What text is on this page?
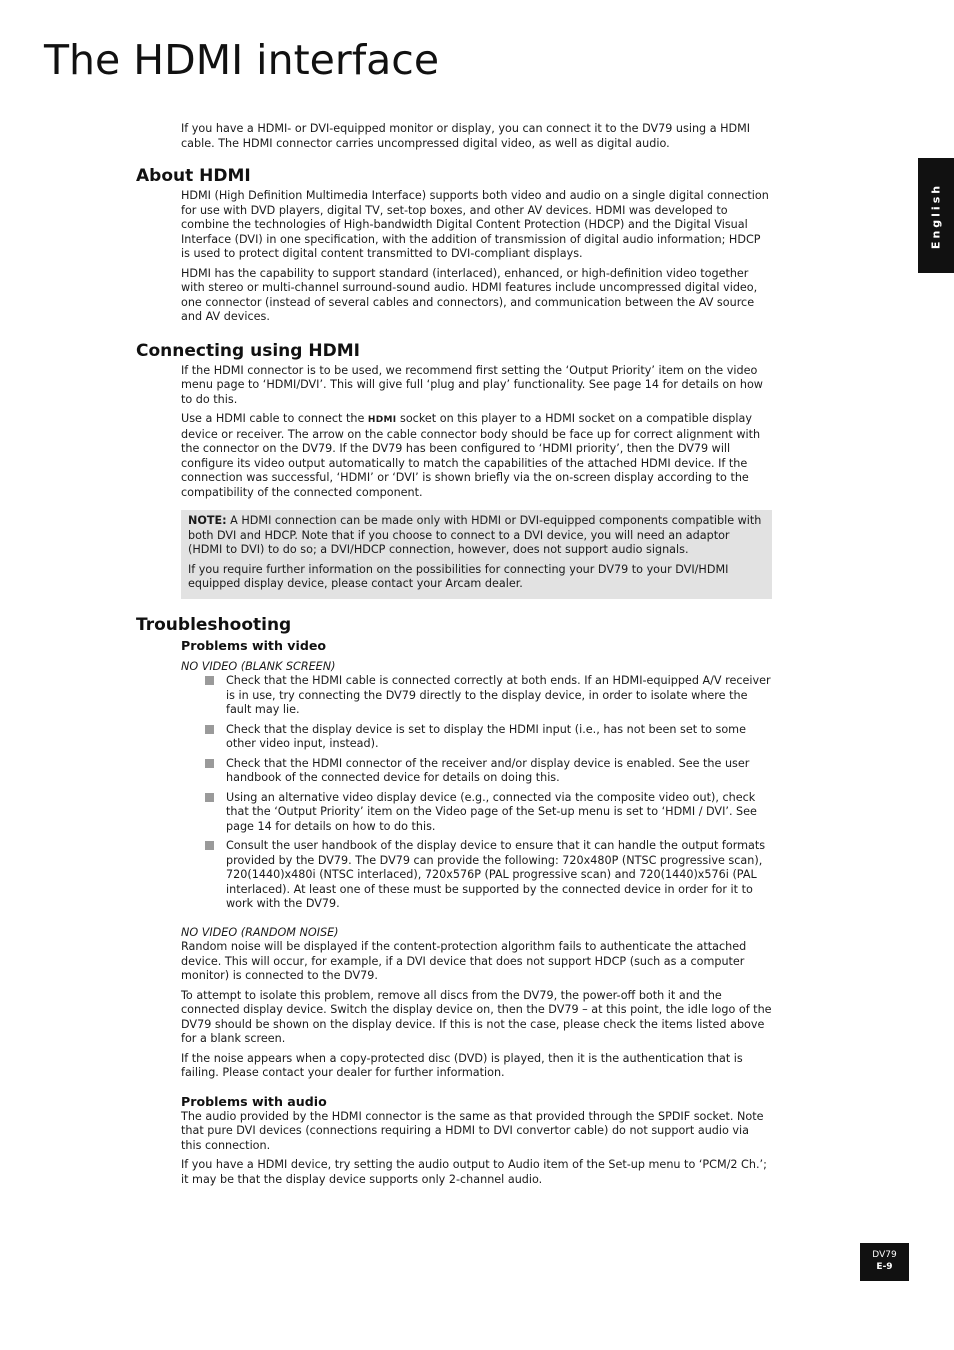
The HDMI interface
English

If you have a HDMI- or DVI-equipped monitor or display, you can connect it to the DV79 using a HDMI cable. The HDMI connector carries uncompressed digital video, as well as digital audio.

About HDMI

HDMI (High Definition Multimedia Interface) supports both video and audio on a single digital connection for use with DVD players, digital TV, set-top boxes, and other AV devices. HDMI was developed to combine the technologies of High-bandwidth Digital Content Protection (HDCP) and the Digital Visual Interface (DVI) in one specification, with the addition of transmission of digital audio information; HDCP is used to protect digital content transmitted to DVI-compliant displays.

HDMI has the capability to support standard (interlaced), enhanced, or high-definition video together with stereo or multi-channel surround-sound audio. HDMI features include uncompressed digital video, one connector (instead of several cables and connectors), and communication between the AV source and AV devices.

Connecting using HDMI

If the HDMI connector is to be used, we recommend first setting the ‘Output Priority’ item on the video menu page to ‘HDMI/DVI’. This will give full ‘plug and play’ functionality. See page 14 for details on how to do this.

Use a HDMI cable to connect the HDMI socket on this player to a HDMI socket on a compatible display device or receiver. The arrow on the cable connector body should be face up for correct alignment with the connector on the DV79. If the DV79 has been configured to ‘HDMI priority’, then the DV79 will configure its video output automatically to match the capabilities of the attached HDMI device. If the connection was successful, ‘HDMI’ or ‘DVI’ is shown briefly via the on-screen display according to the compatibility of the connected component.

NOTE: A HDMI connection can be made only with HDMI or DVI-equipped components compatible with both DVI and HDCP. Note that if you choose to connect to a DVI device, you will need an adaptor (HDMI to DVI) to do so; a DVI/HDCP connection, however, does not support audio signals.

If you require further information on the possibilities for connecting your DV79 to your DVI/HDMI equipped display device, please contact your Arcam dealer.

Troubleshooting
Problems with video

NO VIDEO (BLANK SCREEN)

Check that the HDMI cable is connected correctly at both ends. If an HDMI-equipped A/V receiver is in use, try connecting the DV79 directly to the display device, in order to isolate where the fault may lie.
Check that the display device is set to display the HDMI input (i.e., has not been set to some other video input, instead).
Check that the HDMI connector of the receiver and/or display device is enabled. See the user handbook of the connected device for details on doing this.
Using an alternative video display device (e.g., connected via the composite video out), check that the ‘Output Priority’ item on the Video page of the Set-up menu is set to ‘HDMI / DVI’. See page 14 for details on how to do this.
Consult the user handbook of the display device to ensure that it can handle the output formats provided by the DV79. The DV79 can provide the following: 720x480P (NTSC progressive scan), 720(1440)x480i (NTSC interlaced), 720x576P (PAL progressive scan) and 720(1440)x576i (PAL interlaced). At least one of these must be supported by the connected device in order for it to work with the DV79.

NO VIDEO (RANDOM NOISE)

Random noise will be displayed if the content-protection algorithm fails to authenticate the attached device. This will occur, for example, if a DVI device that does not support HDCP (such as a computer monitor) is connected to the DV79.

To attempt to isolate this problem, remove all discs from the DV79, the power-off both it and the connected display device. Switch the display device on, then the DV79 – at this point, the idle logo of the DV79 should be shown on the display device. If this is not the case, please check the items listed above for a blank screen.

If the noise appears when a copy-protected disc (DVD) is played, then it is the authentication that is failing. Please contact your dealer for further information.

Problems with audio

The audio provided by the HDMI connector is the same as that provided through the SPDIF socket. Note that pure DVI devices (connections requiring a HDMI to DVI convertor cable) do not support audio via this connection.

If you have a HDMI device, try setting the audio output to Audio item of the Set-up menu to ‘PCM/2 Ch.’; it may be that the display device supports only 2-channel audio.

DV79
E-9
